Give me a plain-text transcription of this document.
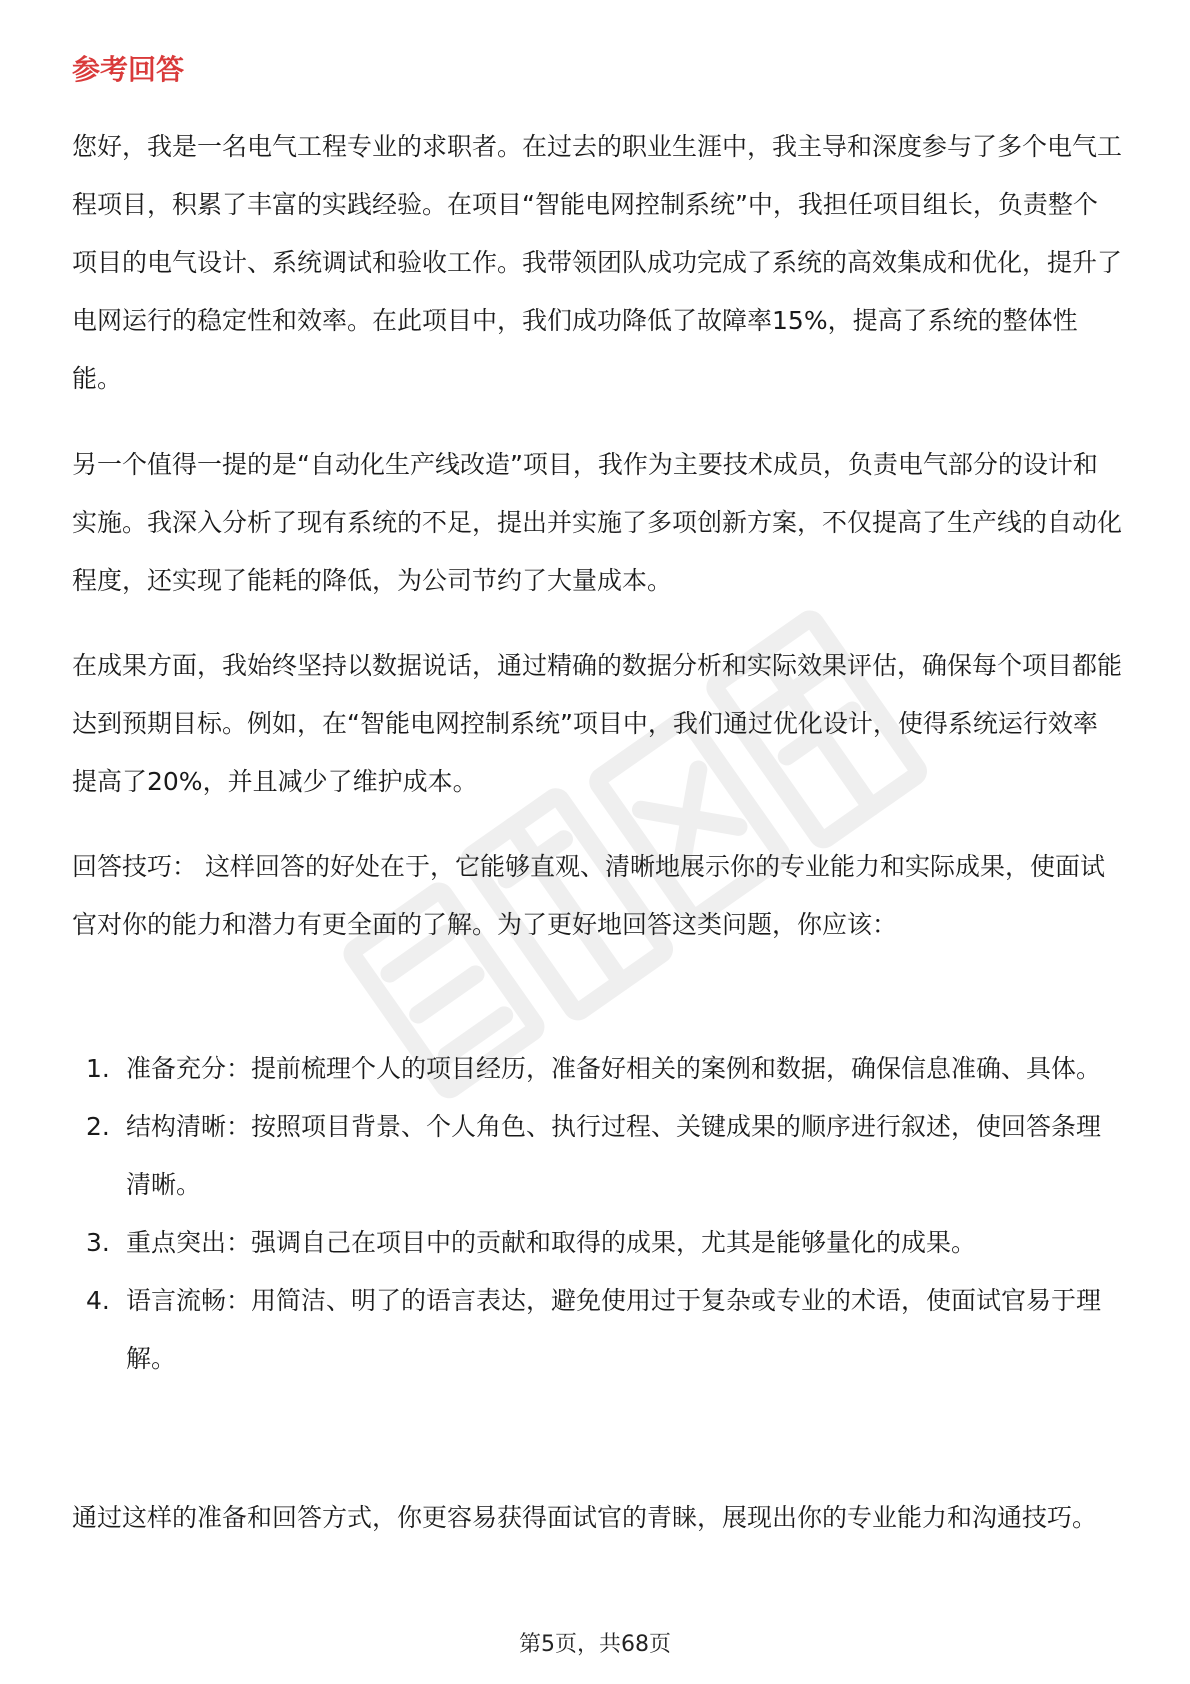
参考回答

您好，我是一名电气工程专业的求职者。在过去的职业生涯中，我主导和深度参与了多个电气工程项目，积累了丰富的实践经验。在项目“智能电网控制系统”中，我担任项目组长，负责整个项目的电气设计、系统调试和验收工作。我带领团队成功完成了系统的高效集成和优化，提升了电网运行的稳定性和效率。在此项目中，我们成功降低了故障率15%，提高了系统的整体性能。

另一个值得一提的是“自动化生产线改造”项目，我作为主要技术成员，负责电气部分的设计和实施。我深入分析了现有系统的不足，提出并实施了多项创新方案，不仅提高了生产线的自动化程度，还实现了能耗的降低，为公司节约了大量成本。

在成果方面，我始终坚持以数据说话，通过精确的数据分析和实际效果评估，确保每个项目都能达到预期目标。例如，在“智能电网控制系统”项目中，我们通过优化设计，使得系统运行效率提高了20%，并且减少了维护成本。

回答技巧： 这样回答的好处在于，它能够直观、清晰地展示你的专业能力和实际成果，使面试官对你的能力和潜力有更全面的了解。为了更好地回答这类问题，你应该：

1. 准备充分：提前梳理个人的项目经历，准备好相关的案例和数据，确保信息准确、具体。
2. 结构清晰：按照项目背景、个人角色、执行过程、关键成果的顺序进行叙述，使回答条理清晰。
3. 重点突出：强调自己在项目中的贡献和取得的成果，尤其是能够量化的成果。
4. 语言流畅：用简洁、明了的语言表达，避免使用过于复杂或专业的术语，使面试官易于理解。

通过这样的准备和回答方式，你更容易获得面试官的青睐，展现出你的专业能力和沟通技巧。

第5页，共68页
